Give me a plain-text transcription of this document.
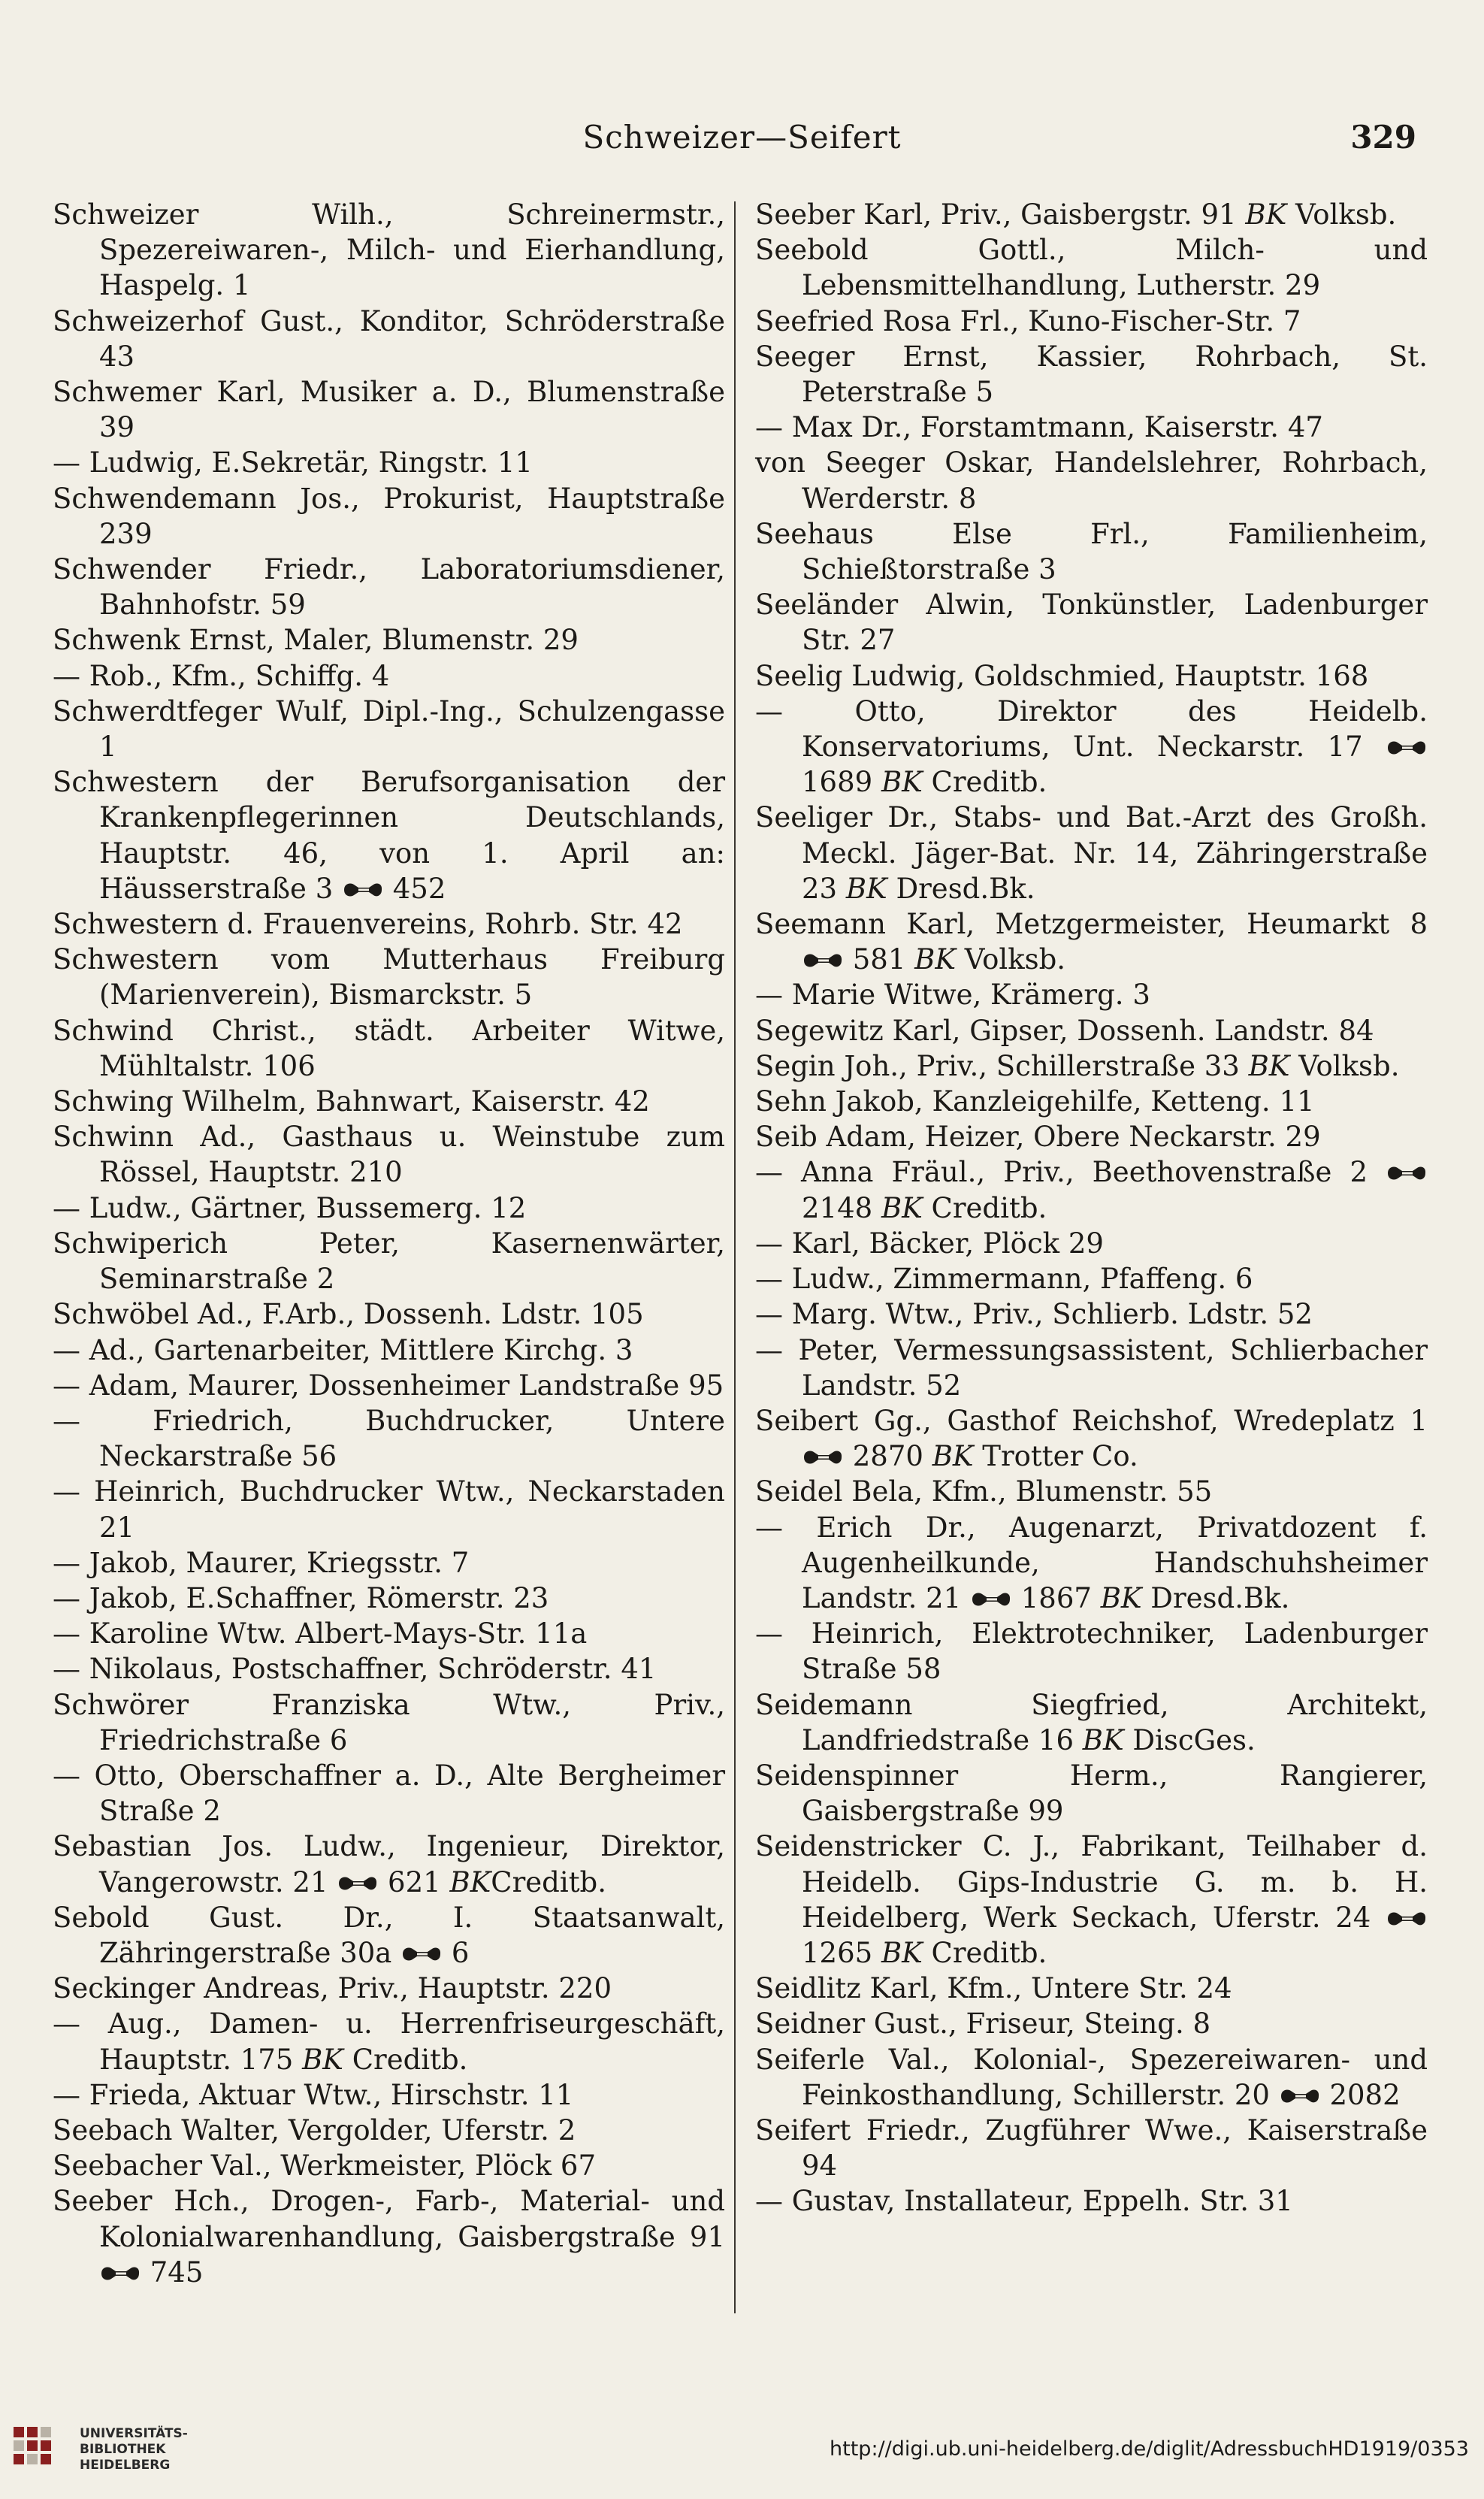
Schweizer—Seifert	329
Schweizer Wilh., Schreinermstr., Spezereiwaren-, Milch- und Eierhandlung, Haspelg. 1
Schweizerhof Gust., Konditor, Schröderstraße 43
Schwemer Karl, Musiker a. D., Blumenstraße 39
— Ludwig, E.Sekretär, Ringstr. 11
Schwendemann Jos., Prokurist, Hauptstraße 239
Schwender Friedr., Laboratoriumsdiener, Bahnhofstr. 59
Schwenk Ernst, Maler, Blumenstr. 29
— Rob., Kfm., Schiffg. 4
Schwerdtfeger Wulf, Dipl.-Ing., Schulzengasse 1
Schwestern der Berufsorganisation der Krankenpflegerinnen Deutschlands, Hauptstr. 46, von 1. April an: Häusserstraße 3  452
Schwestern d. Frauenvereins, Rohrb. Str. 42
Schwestern vom Mutterhaus Freiburg (Marienverein), Bismarckstr. 5
Schwind Christ., städt. Arbeiter Witwe, Mühltalstr. 106
Schwing Wilhelm, Bahnwart, Kaiserstr. 42
Schwinn Ad., Gasthaus u. Weinstube zum Rössel, Hauptstr. 210
— Ludw., Gärtner, Bussemerg. 12
Schwiperich Peter, Kasernenwärter, Seminarstraße 2
Schwöbel Ad., F.Arb., Dossenh. Ldstr. 105
— Ad., Gartenarbeiter, Mittlere Kirchg. 3
— Adam, Maurer, Dossenheimer Landstraße 95
— Friedrich, Buchdrucker, Untere Neckarstraße 56
— Heinrich, Buchdrucker Wtw., Neckarstaden 21
— Jakob, Maurer, Kriegsstr. 7
— Jakob, E.Schaffner, Römerstr. 23
— Karoline Wtw. Albert-Mays-Str. 11a
— Nikolaus, Postschaffner, Schröderstr. 41
Schwörer Franziska Wtw., Priv., Friedrichstraße 6
— Otto, Oberschaffner a. D., Alte Bergheimer Straße 2
Sebastian Jos. Ludw., Ingenieur, Direktor, Vangerowstr. 21  621 BKCreditb.
Sebold Gust. Dr., I. Staatsanwalt, Zähringerstraße 30a  6
Seckinger Andreas, Priv., Hauptstr. 220
— Aug., Damen- u. Herrenfriseurgeschäft, Hauptstr. 175 BK Creditb.
— Frieda, Aktuar Wtw., Hirschstr. 11
Seebach Walter, Vergolder, Uferstr. 2
Seebacher Val., Werkmeister, Plöck 67
Seeber Hch., Drogen-, Farb-, Material- und Kolonialwarenhandlung, Gaisbergstraße 91  745
Seeber Karl, Priv., Gaisbergstr. 91 BK Volksb.
Seebold Gottl., Milch- und Lebensmittelhandlung, Lutherstr. 29
Seefried Rosa Frl., Kuno-Fischer-Str. 7
Seeger Ernst, Kassier, Rohrbach, St. Peterstraße 5
— Max Dr., Forstamtmann, Kaiserstr. 47
von Seeger Oskar, Handelslehrer, Rohrbach, Werderstr. 8
Seehaus Else Frl., Familienheim, Schießtorstraße 3
Seeländer Alwin, Tonkünstler, Ladenburger Str. 27
Seelig Ludwig, Goldschmied, Hauptstr. 168
— Otto, Direktor des Heidelb. Konservatoriums, Unt. Neckarstr. 17  1689 BK Creditb.
Seeliger Dr., Stabs- und Bat.-Arzt des Großh. Meckl. Jäger-Bat. Nr. 14, Zähringerstraße 23 BK Dresd.Bk.
Seemann Karl, Metzgermeister, Heumarkt 8  581 BK Volksb.
— Marie Witwe, Krämerg. 3
Segewitz Karl, Gipser, Dossenh. Landstr. 84
Segin Joh., Priv., Schillerstraße 33 BK Volksb.
Sehn Jakob, Kanzleigehilfe, Ketteng. 11
Seib Adam, Heizer, Obere Neckarstr. 29
— Anna Fräul., Priv., Beethovenstraße 2  2148 BK Creditb.
— Karl, Bäcker, Plöck 29
— Ludw., Zimmermann, Pfaffeng. 6
— Marg. Wtw., Priv., Schlierb. Ldstr. 52
— Peter, Vermessungsassistent, Schlierbacher Landstr. 52
Seibert Gg., Gasthof Reichshof, Wredeplatz 1  2870 BK Trotter Co.
Seidel Bela, Kfm., Blumenstr. 55
— Erich Dr., Augenarzt, Privatdozent f. Augenheilkunde, Handschuhsheimer Landstr. 21  1867 BK Dresd.Bk.
— Heinrich, Elektrotechniker, Ladenburger Straße 58
Seidemann Siegfried, Architekt, Landfriedstraße 16 BK DiscGes.
Seidenspinner Herm., Rangierer, Gaisbergstraße 99
Seidenstricker C. J., Fabrikant, Teilhaber d. Heidelb. Gips-Industrie G. m. b. H. Heidelberg, Werk Seckach, Uferstr. 24  1265 BK Creditb.
Seidlitz Karl, Kfm., Untere Str. 24
Seidner Gust., Friseur, Steing. 8
Seiferle Val., Kolonial-, Spezereiwaren- und Feinkosthandlung, Schillerstr. 20  2082
Seifert Friedr., Zugführer Wwe., Kaiserstraße 94
— Gustav, Installateur, Eppelh. Str. 31
UNIVERSITÄTS-
BIBLIOTHEK
HEIDELBERG
http://digi.ub.uni-heidelberg.de/diglit/AdressbuchHD1919/0353
